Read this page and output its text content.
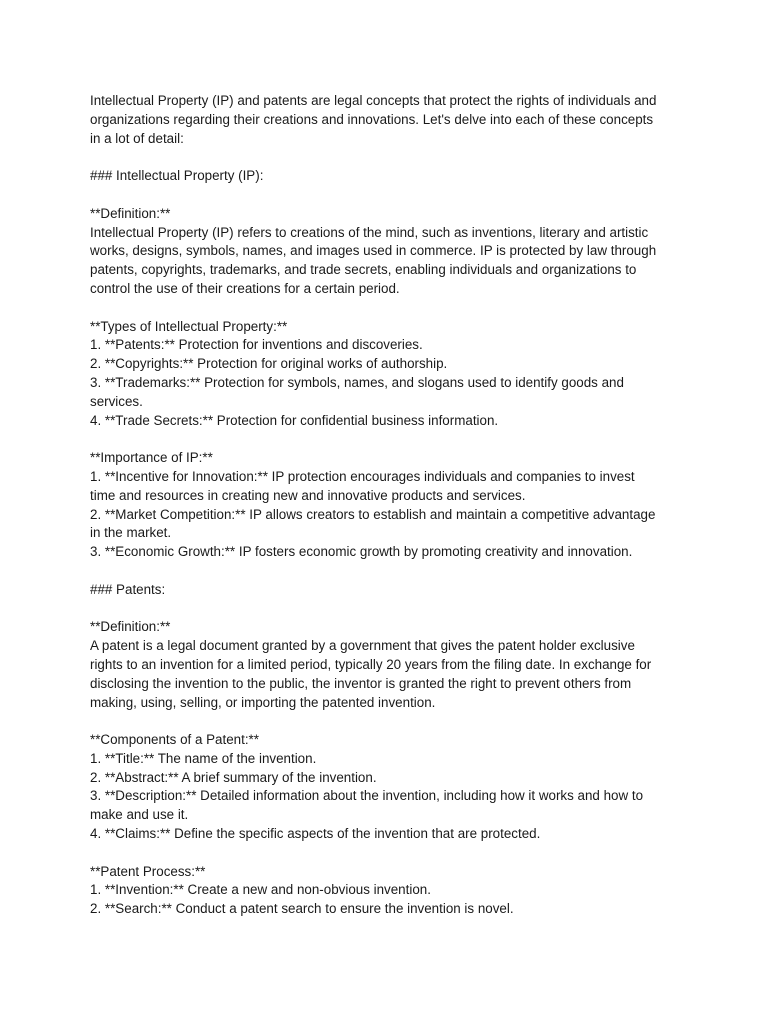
Intellectual Property (IP) and patents are legal concepts that protect the rights of individuals and
organizations regarding their creations and innovations. Let's delve into each of these concepts
in a lot of detail:
### Intellectual Property (IP):
**Definition:**
Intellectual Property (IP) refers to creations of the mind, such as inventions, literary and artistic
works, designs, symbols, names, and images used in commerce. IP is protected by law through
patents, copyrights, trademarks, and trade secrets, enabling individuals and organizations to
control the use of their creations for a certain period.
**Types of Intellectual Property:**
1. **Patents:** Protection for inventions and discoveries.
2. **Copyrights:** Protection for original works of authorship.
3. **Trademarks:** Protection for symbols, names, and slogans used to identify goods and
services.
4. **Trade Secrets:** Protection for confidential business information.
**Importance of IP:**
1. **Incentive for Innovation:** IP protection encourages individuals and companies to invest
time and resources in creating new and innovative products and services.
2. **Market Competition:** IP allows creators to establish and maintain a competitive advantage
in the market.
3. **Economic Growth:** IP fosters economic growth by promoting creativity and innovation.
### Patents:
**Definition:**
A patent is a legal document granted by a government that gives the patent holder exclusive
rights to an invention for a limited period, typically 20 years from the filing date. In exchange for
disclosing the invention to the public, the inventor is granted the right to prevent others from
making, using, selling, or importing the patented invention.
**Components of a Patent:**
1. **Title:** The name of the invention.
2. **Abstract:** A brief summary of the invention.
3. **Description:** Detailed information about the invention, including how it works and how to
make and use it.
4. **Claims:** Define the specific aspects of the invention that are protected.
**Patent Process:**
1. **Invention:** Create a new and non-obvious invention.
2. **Search:** Conduct a patent search to ensure the invention is novel.
